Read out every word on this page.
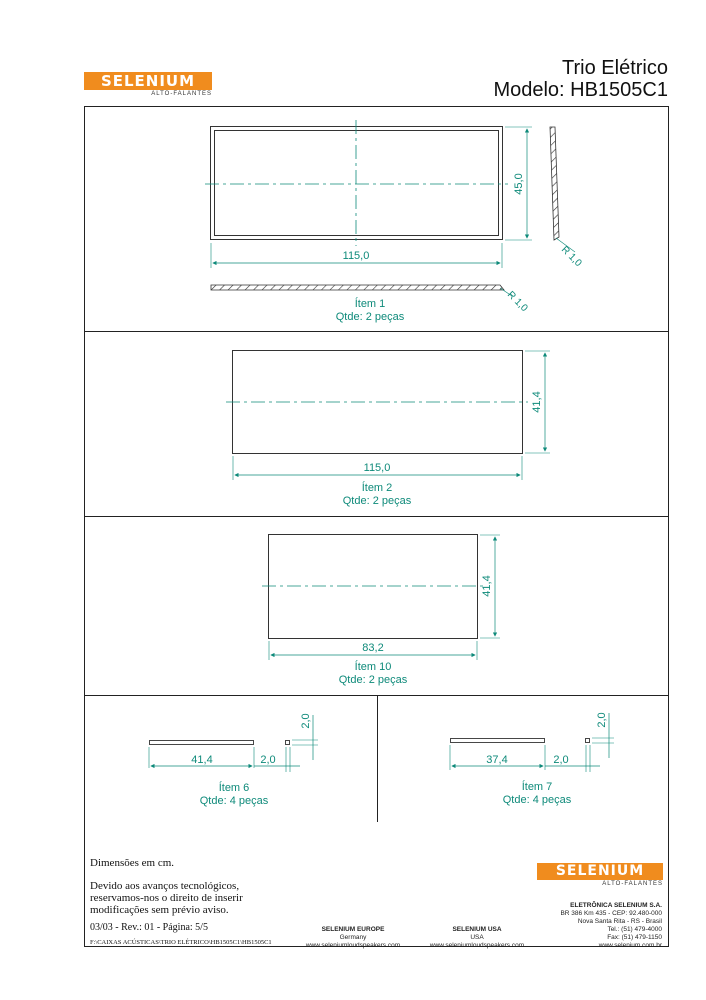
SELENIUM
ALTO-FALANTES
Trio Elétrico
Modelo: HB1505C1
45,0
115,0	R 1,0
R 1,0
41,4
115,0
41,4
83,2
41,4	2,0
2,0
37,4	2,0
2,0
Ítem 1
Qtde: 2 peças
Ítem 2
Qtde: 2 peças
Ítem 10
Qtde: 2 peças
Ítem 6
Qtde: 4 peças
Ítem 7
Qtde: 4 peças
Dimensões em cm.
Devido aos avanços tecnológicos,
reservamos-nos o direito de inserir
modificações sem prévio aviso.
03/03 - Rev.: 01 - Página: 5/5
F:\CAIXAS ACÚSTICAS\TRIO ELÉTRICO\HB1505C1\HB1505C1
SELENIUM EUROPE
Germany
www.seleniumloudspeakers.com
SELENIUM USA
USA
www.seleniumloudspeakers.com
SELENIUM
ALTO-FALANTES
ELETRÔNICA SELENIUM S.A.
BR 386 Km 435 - CEP: 92.480-000
Nova Santa Rita - RS - Brasil
Tel.: (51) 479-4000
Fax: (51) 479-1150
www.selenium.com.br
